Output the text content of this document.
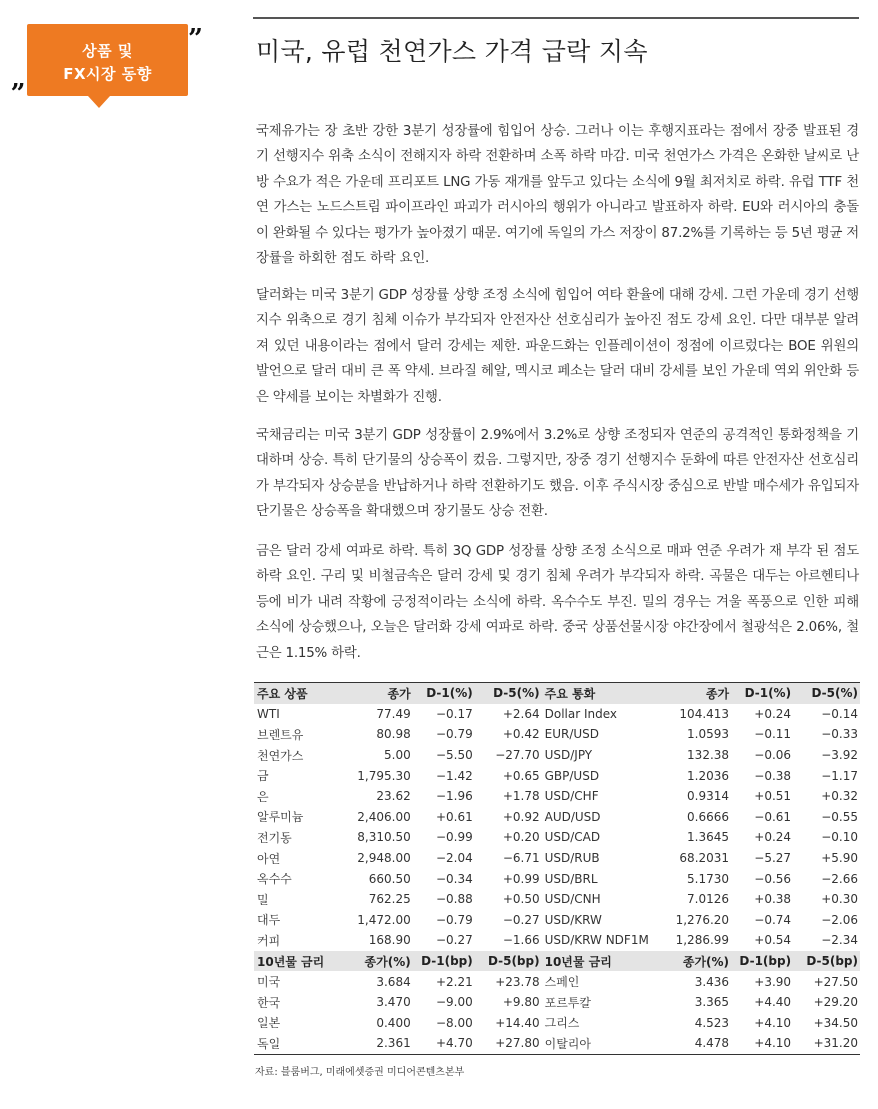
상품 및
FX시장 동향
„
” 미국, 유럽 천연가스 가격 급락 지속
국제유가는 장 초반 강한 3분기 성장률에 힘입어 상승. 그러나 이는 후행지표라는 점에서 장중 발표된 경기 선행지수 위축 소식이 전해지자 하락 전환하며 소폭 하락 마감. 미국 천연가스 가격은 온화한 날씨로 난방 수요가 적은 가운데 프리포트 LNG 가동 재개를 앞두고 있다는 소식에 9월 최저치로 하락. 유럽 TTF 천연 가스는 노드스트림 파이프라인 파괴가 러시아의 행위가 아니라고 발표하자 하락. EU와 러시아의 충돌이 완화될 수 있다는 평가가 높아졌기 때문. 여기에 독일의 가스 저장이 87.2%를 기록하는 등 5년 평균 저장률을 하회한 점도 하락 요인.
달러화는 미국 3분기 GDP 성장률 상향 조정 소식에 힘입어 여타 환율에 대해 강세. 그런 가운데 경기 선행지수 위축으로 경기 침체 이슈가 부각되자 안전자산 선호심리가 높아진 점도 강세 요인. 다만 대부분 알려져 있던 내용이라는 점에서 달러 강세는 제한. 파운드화는 인플레이션이 정점에 이르렀다는 BOE 위원의 발언으로 달러 대비 큰 폭 약세. 브라질 헤알, 멕시코 페소는 달러 대비 강세를 보인 가운데 역외 위안화 등은 약세를 보이는 차별화가 진행.
국채금리는 미국 3분기 GDP 성장률이 2.9%에서 3.2%로 상향 조정되자 연준의 공격적인 통화정책을 기대하며 상승. 특히 단기물의 상승폭이 컸음. 그렇지만, 장중 경기 선행지수 둔화에 따른 안전자산 선호심리가 부각되자 상승분을 반납하거나 하락 전환하기도 했음. 이후 주식시장 중심으로 반발 매수세가 유입되자 단기물은 상승폭을 확대했으며 장기물도 상승 전환.
금은 달러 강세 여파로 하락. 특히 3Q GDP 성장률 상향 조정 소식으로 매파 연준 우려가 재 부각 된 점도 하락 요인. 구리 및 비철금속은 달러 강세 및 경기 침체 우려가 부각되자 하락. 곡물은 대두는 아르헨티나 등에 비가 내려 작황에 긍정적이라는 소식에 하락. 옥수수도 부진. 밀의 경우는 겨울 폭풍으로 인한 피해 소식에 상승했으나, 오늘은 달러화 강세 여파로 하락. 중국 상품선물시장 야간장에서 철광석은 2.06%, 철근은 1.15% 하락.
주요 상품	종가	D-1(%)	D-5(%)	주요 통화	종가	D-1(%)	D-5(%)
WTI	77.49	−0.17	+2.64	Dollar Index	104.413	+0.24	−0.14
브렌트유	80.98	−0.79	+0.42	EUR/USD	1.0593	−0.11	−0.33
천연가스	5.00	−5.50	−27.70	USD/JPY	132.38	−0.06	−3.92
금	1,795.30	−1.42	+0.65	GBP/USD	1.2036	−0.38	−1.17
은	23.62	−1.96	+1.78	USD/CHF	0.9314	+0.51	+0.32
알루미늄	2,406.00	+0.61	+0.92	AUD/USD	0.6666	−0.61	−0.55
전기동	8,310.50	−0.99	+0.20	USD/CAD	1.3645	+0.24	−0.10
아연	2,948.00	−2.04	−6.71	USD/RUB	68.2031	−5.27	+5.90
옥수수	660.50	−0.34	+0.99	USD/BRL	5.1730	−0.56	−2.66
밀	762.25	−0.88	+0.50	USD/CNH	7.0126	+0.38	+0.30
대두	1,472.00	−0.79	−0.27	USD/KRW	1,276.20	−0.74	−2.06
커피	168.90	−0.27	−1.66	USD/KRW NDF1M	1,286.99	+0.54	−2.34
10년물 금리	종가(%)	D-1(bp)	D-5(bp)	10년물 금리	종가(%)	D-1(bp)	D-5(bp)
미국	3.684	+2.21	+23.78	스페인	3.436	+3.90	+27.50
한국	3.470	−9.00	+9.80	포르투칼	3.365	+4.40	+29.20
일본	0.400	−8.00	+14.40	그리스	4.523	+4.10	+34.50
독일	2.361	+4.70	+27.80	이탈리아	4.478	+4.10	+31.20
자료: 블룸버그, 미래에셋증권 미디어콘텐츠본부
